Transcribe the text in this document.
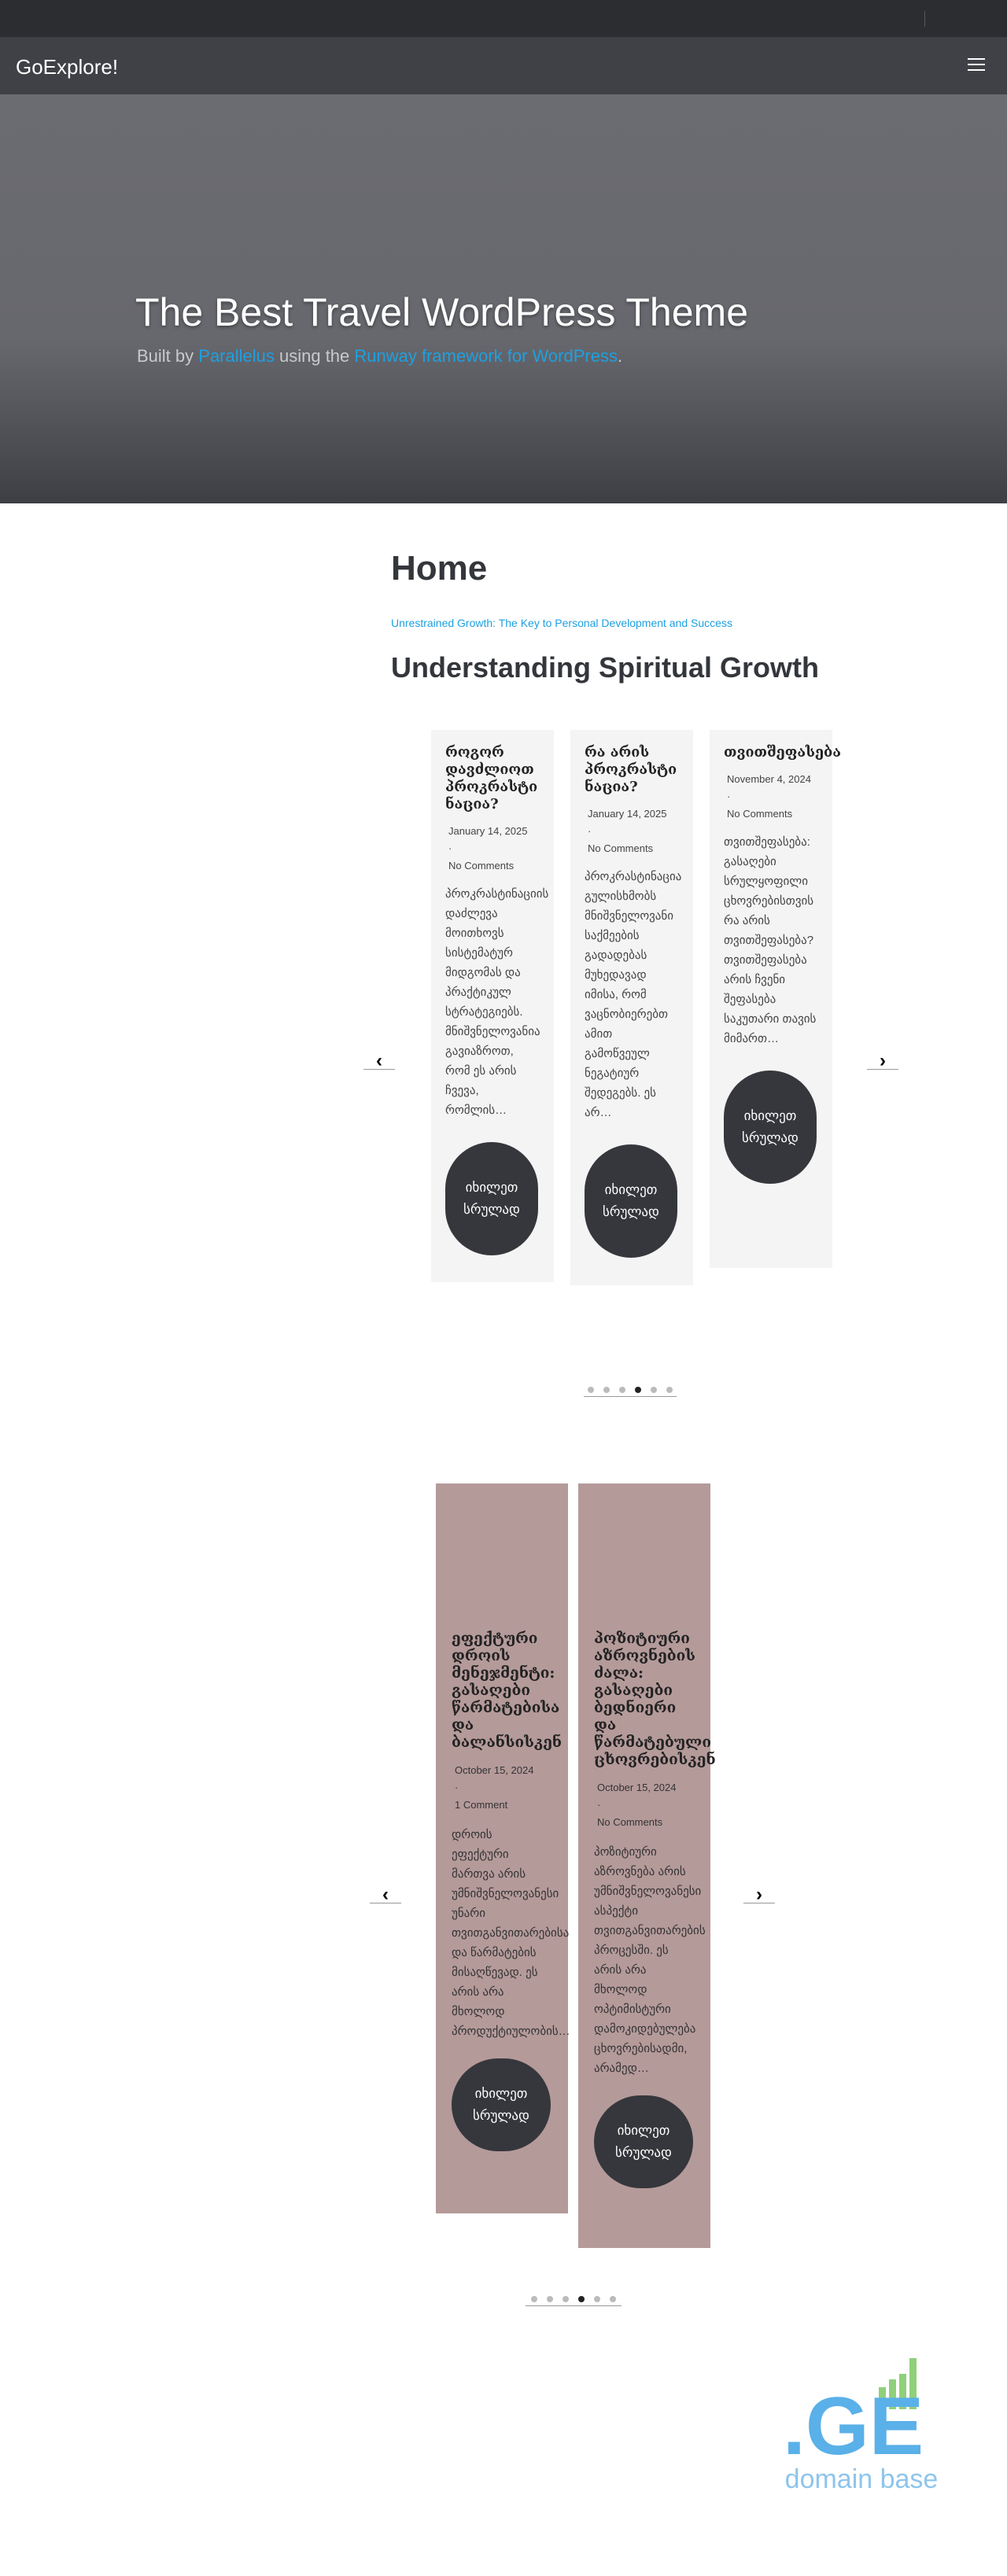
GoExplore!
The Best Travel WordPress Theme
Built by Parallelus using the Runway framework for WordPress.
Home
Unrestrained Growth: The Key to Personal Development and Success
Understanding Spiritual Growth
‹	›
როგორ დავძლიოთ პროკრასტი ნაცია?
January 14, 2025
·
No Comments
პროკრასტინაციის დაძლევა მოითხოვს სისტემატურ მიდგომას და პრაქტიკულ სტრატეგიებს. მნიშვნელოვანია გავიაზროთ, რომ ეს არის ჩვევა, რომლის…
იხილეთ სრულად
რა არის პროკრასტი ნაცია?
January 14, 2025
·
No Comments
პროკრასტინაცია გულისხმობს მნიშვნელოვანი საქმეების გადადებას მუხედავად იმისა, რომ ვაცნობიერებთ ამით გამოწვეულ ნეგატიურ შედეგებს. ეს არ…
იხილეთ სრულად
თვითშეფასება
November 4, 2024
·
No Comments
თვითშეფასება: გასაღები სრულყოფილი ცხოვრებისთვის რა არის თვითშეფასება? თვითშეფასება არის ჩვენი შეფასება საკუთარი თავის მიმართ…
იხილეთ სრულად
‹	›
ეფექტური დროის მენეჯმენტი: გასაღები წარმატებისა და ბალანსისკენ
October 15, 2024
·
1 Comment
დროის ეფექტური მართვა არის უმნიშვნელოვანესი უნარი თვითგანვითარებისა და წარმატების მისაღწევად. ეს არის არა მხოლოდ პროდუქტიულობის…
იხილეთ სრულად
პოზიტიური აზროვნების ძალა: გასაღები ბედნიერი და წარმატებული ცხოვრებისკენ
October 15, 2024
·
No Comments
პოზიტიური აზროვნება არის უმნიშვნელოვანესი ასპექტი თვითგანვითარების პროცესში. ეს არის არა მხოლოდ ოპტიმისტური დამოკიდებულება ცხოვრებისადმი, არამედ…
იხილეთ სრულად
.GE
domain base
